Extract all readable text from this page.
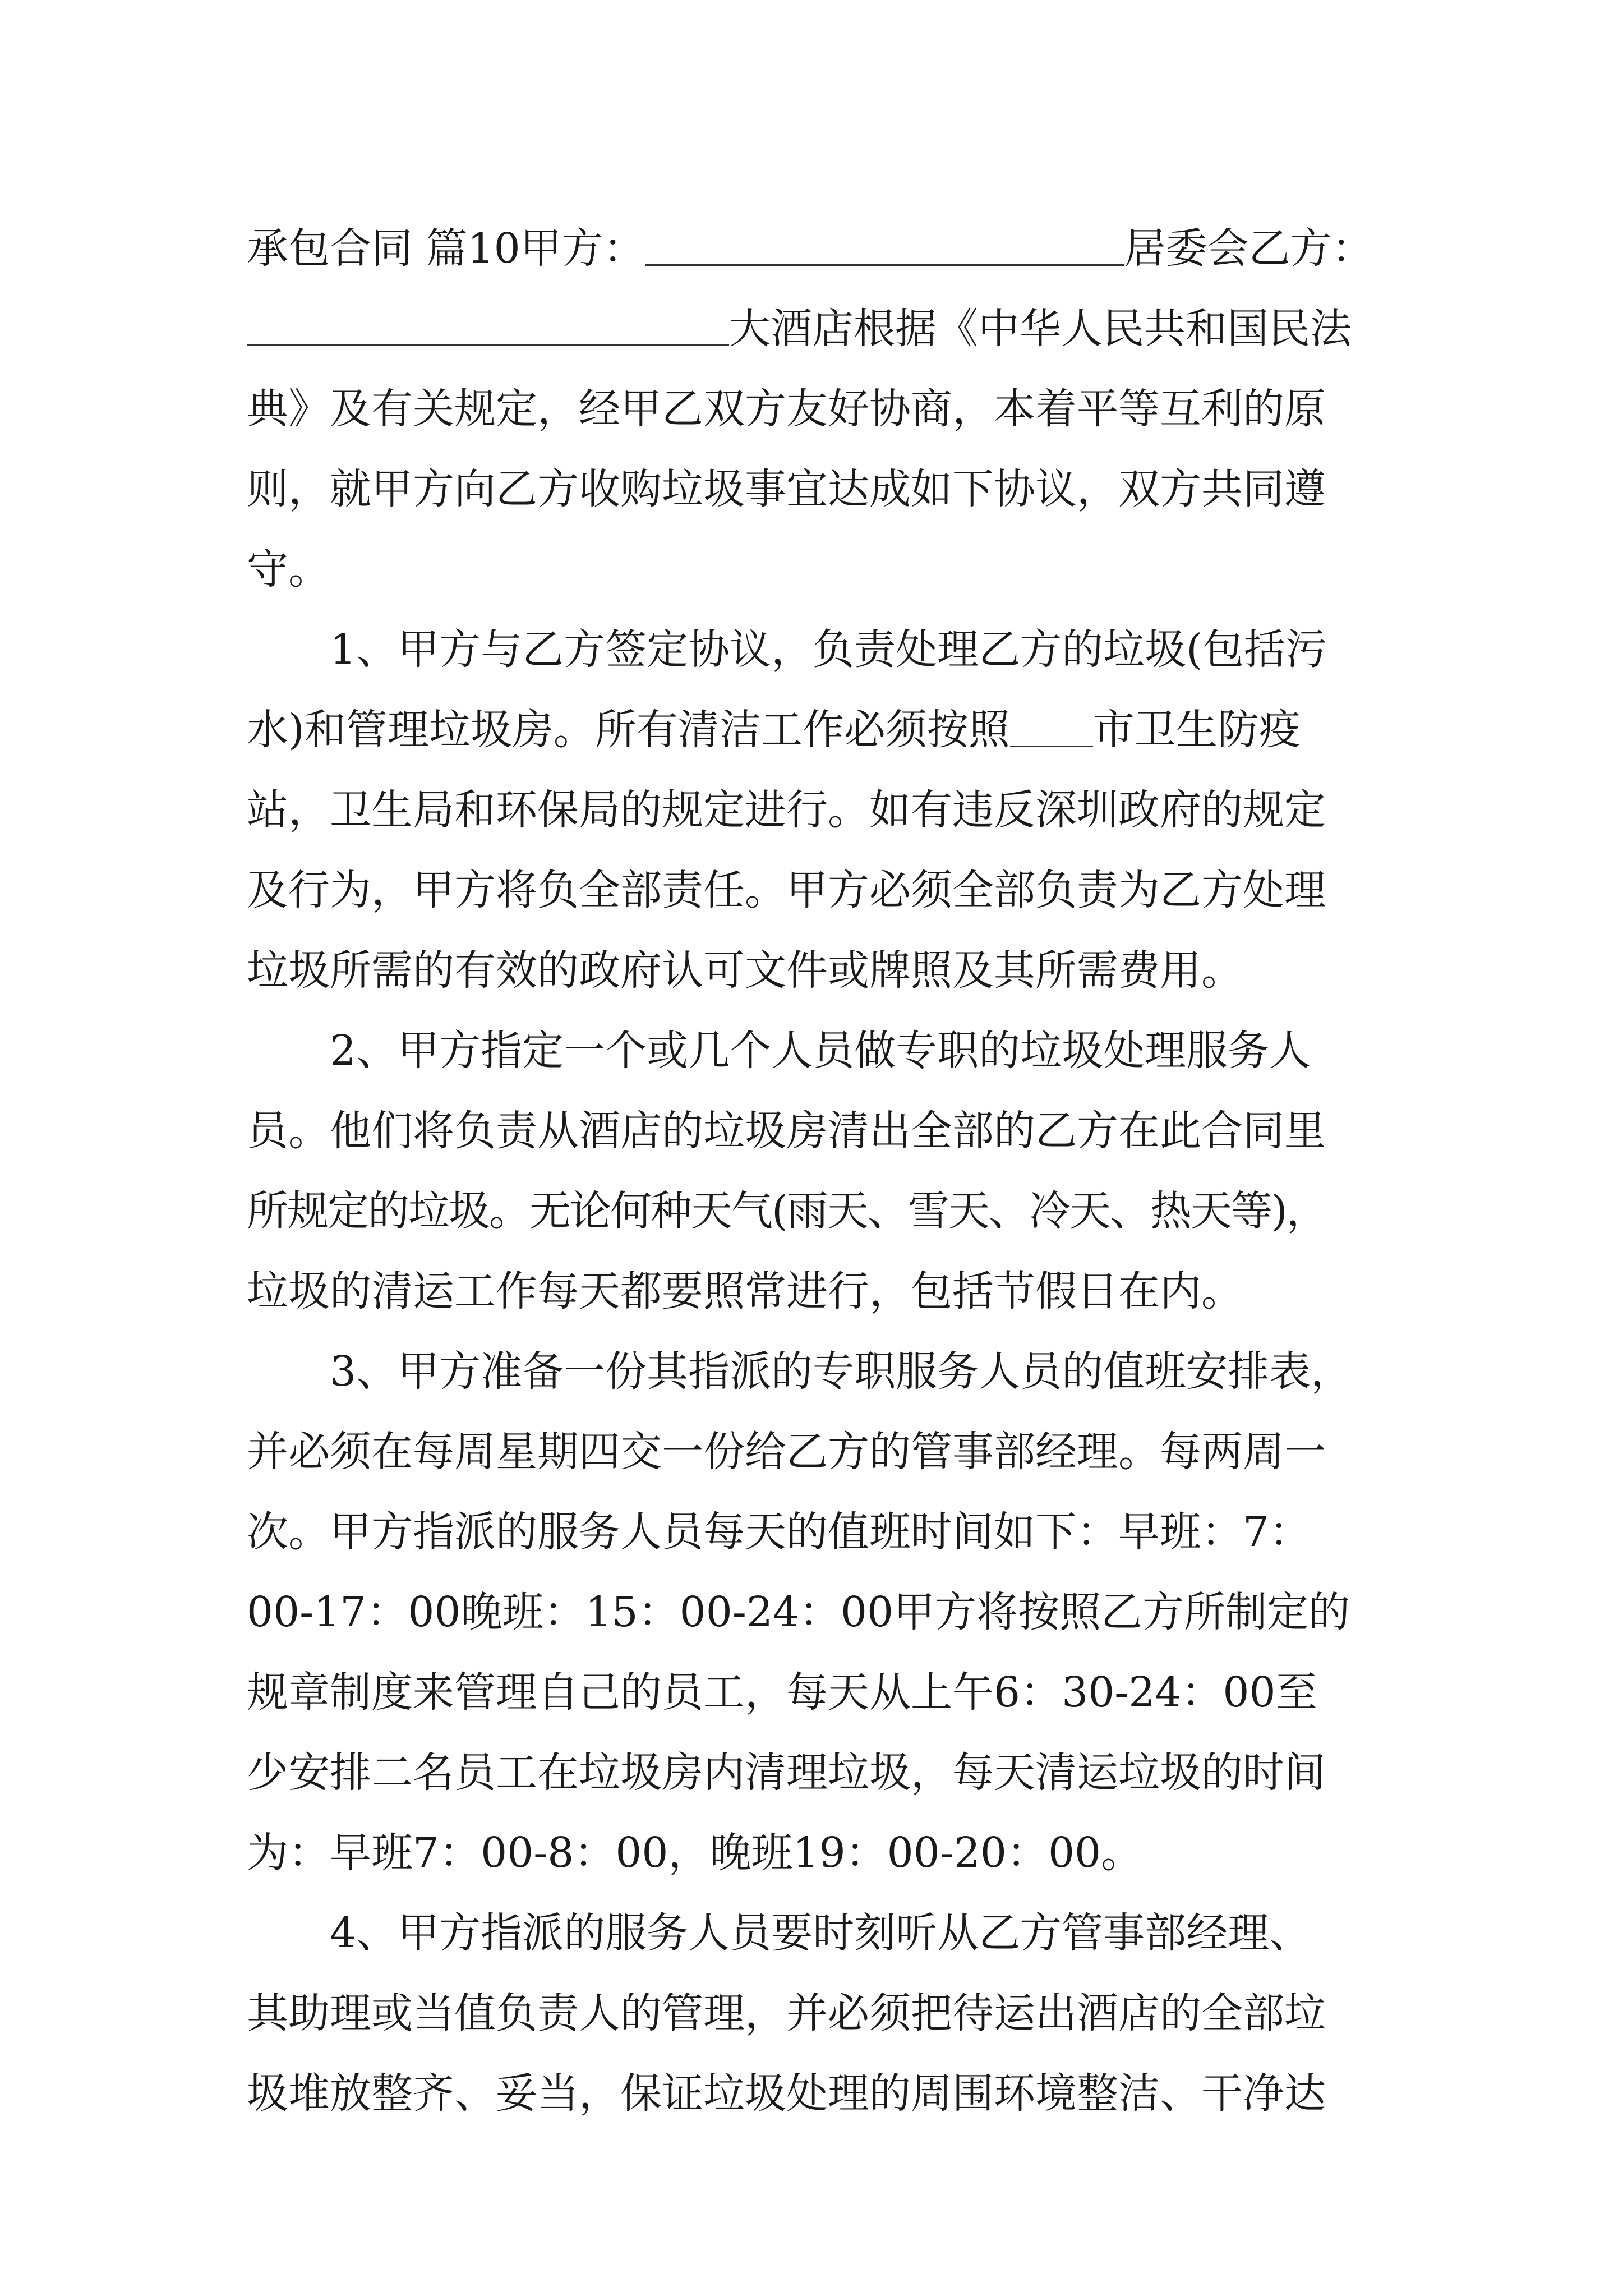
承包合同 篇10甲方：	居委会乙方：
大酒店根据《中华人民共和国民法
典》及有关规定，经甲乙双方友好协商，本着平等互利的原
则，就甲方向乙方收购垃圾事宜达成如下协议，双方共同遵
守。
1、甲方与乙方签定协议，负责处理乙方的垃圾(包括污
水)和管理垃圾房。所有清洁工作必须按照 市卫生防疫
站，卫生局和环保局的规定进行。如有违反深圳政府的规定
及行为，甲方将负全部责任。甲方必须全部负责为乙方处理
垃圾所需的有效的政府认可文件或牌照及其所需费用。
2、甲方指定一个或几个人员做专职的垃圾处理服务人
员。他们将负责从酒店的垃圾房清出全部的乙方在此合同里
所规定的垃圾。无论何种天气(雨天、雪天、冷天、热天等)，
垃圾的清运工作每天都要照常进行，包括节假日在内。
3、甲方准备一份其指派的专职服务人员的值班安排表，
并必须在每周星期四交一份给乙方的管事部经理。每两周一
次。甲方指派的服务人员每天的值班时间如下：早班：7：
00-17：00晚班：15：00-24：00甲方将按照乙方所制定的
规章制度来管理自己的员工，每天从上午6：30-24：00至
少安排二名员工在垃圾房内清理垃圾，每天清运垃圾的时间
为：早班7：00-8：00，晚班19：00-20：00。
4、甲方指派的服务人员要时刻听从乙方管事部经理、
其助理或当值负责人的管理，并必须把待运出酒店的全部垃
圾堆放整齐、妥当，保证垃圾处理的周围环境整洁、干净达
